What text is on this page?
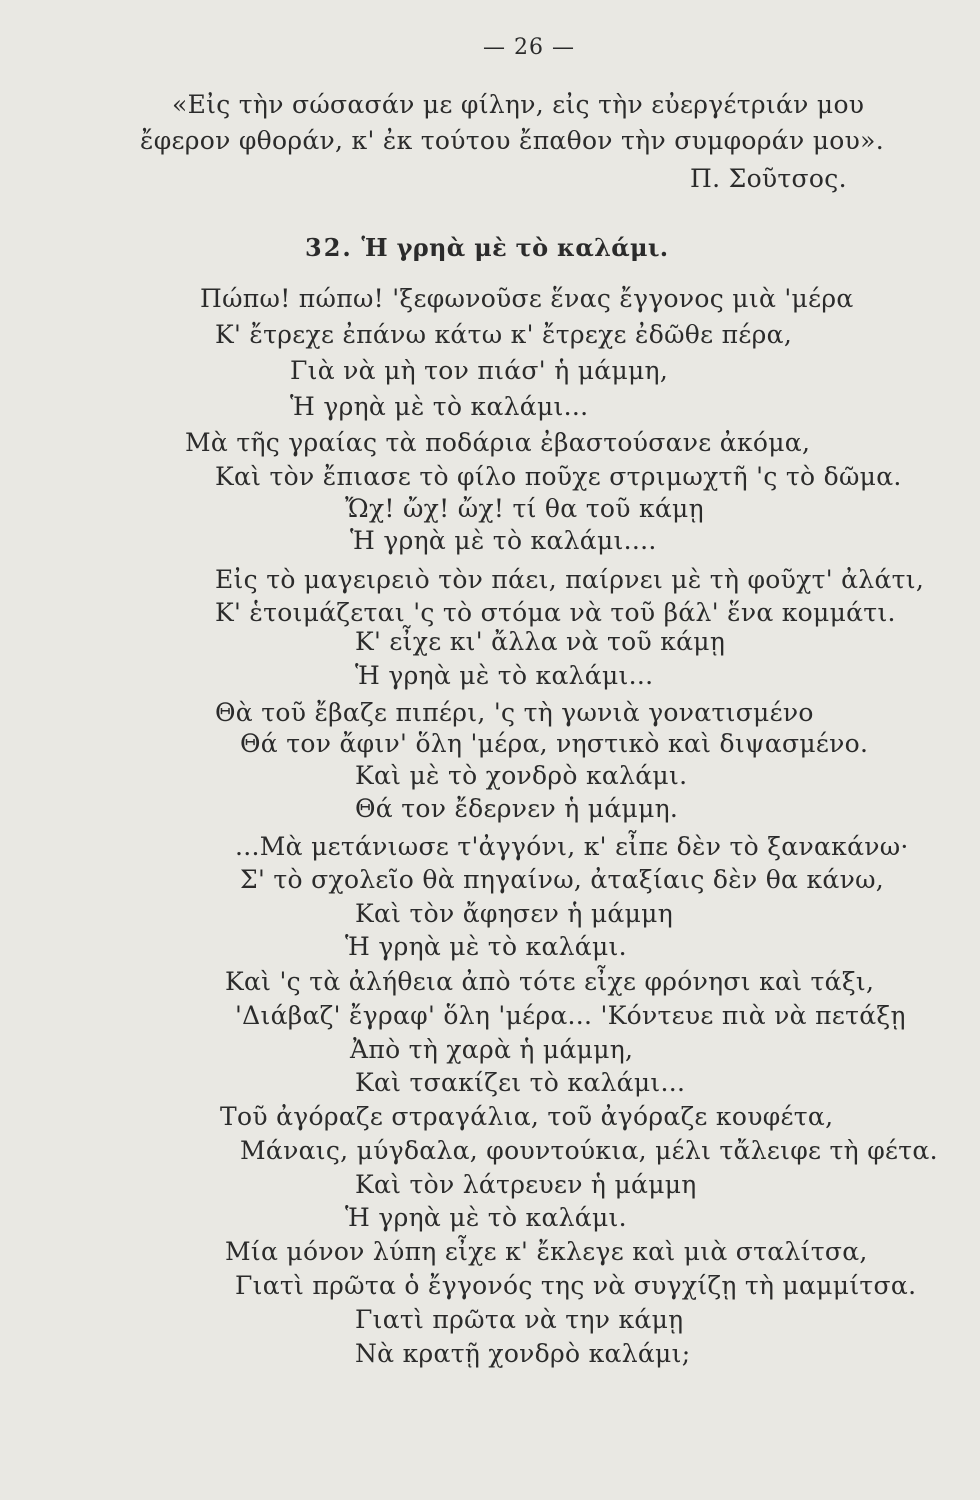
— 26 —
«Εἰς τὴν σώσασάν με φίλην, εἰς τὴν εὐεργέτριάν μου
ἔφερον φθοράν, κ' ἐκ τούτου ἔπαθον τὴν συμφοράν μου».
Π. Σοῦτσος.
32. Ἡ γρηὰ μὲ τὸ καλάμι.
Πώπω! πώπω! 'ξεφωνοῦσε ἕνας ἔγγονος μιὰ 'μέρα
Κ' ἔτρεχε ἐπάνω κάτω κ' ἔτρεχε ἐδῶθε πέρα,
Γιὰ νὰ μὴ τον πιάσ' ἡ μάμμη,
Ἡ γρηὰ μὲ τὸ καλάμι...
Μὰ τῆς γραίας τὰ ποδάρια ἐβαστούσανε ἀκόμα,
Καὶ τὸν ἔπιασε τὸ φίλο ποῦχε στριμωχτῆ 'ς τὸ δῶμα.
Ὤχ! ὤχ! ὤχ! τί θα τοῦ κάμῃ
Ἡ γρηὰ μὲ τὸ καλάμι....
Εἰς τὸ μαγειρειὸ τὸν πάει, παίρνει μὲ τὴ φοῦχτ' ἀλάτι,
Κ' ἑτοιμάζεται 'ς τὸ στόμα νὰ τοῦ βάλ' ἕνα κομμάτι.
Κ' εἶχε κι' ἄλλα νὰ τοῦ κάμῃ
Ἡ γρηὰ μὲ τὸ καλάμι...
Θὰ τοῦ ἔβαζε πιπέρι, 'ς τὴ γωνιὰ γονατισμένο
Θά τον ἄφιν' ὅλη 'μέρα, νηστικὸ καὶ διψασμένο.
Καὶ μὲ τὸ χονδρὸ καλάμι.
Θά τον ἔδερνεν ἡ μάμμη.
...Μὰ μετάνιωσε τ'ἀγγόνι, κ' εἶπε δὲν τὸ ξανακάνω·
Σ' τὸ σχολεῖο θὰ πηγαίνω, ἀταξίαις δὲν θα κάνω,
Καὶ τὸν ἄφησεν ἡ μάμμη
Ἡ γρηὰ μὲ τὸ καλάμι.
Καὶ 'ς τὰ ἀλήθεια ἀπὸ τότε εἶχε φρόνησι καὶ τάξι,
'Διάβαζ' ἔγραφ' ὅλη 'μέρα... 'Κόντευε πιὰ νὰ πετάξῃ
Ἀπὸ τὴ χαρὰ ἡ μάμμη,
Καὶ τσακίζει τὸ καλάμι...
Τοῦ ἀγόραζε στραγάλια, τοῦ ἀγόραζε κουφέτα,
Μάναις, μύγδαλα, φουντούκια, μέλι τἄλειφε τὴ φέτα.
Καὶ τὸν λάτρευεν ἡ μάμμη
Ἡ γρηὰ μὲ τὸ καλάμι.
Μία μόνον λύπη εἶχε κ' ἔκλεγε καὶ μιὰ σταλίτσα,
Γιατὶ πρῶτα ὁ ἔγγονός της νὰ συγχίζῃ τὴ μαμμίτσα.
Γιατὶ πρῶτα νὰ την κάμῃ
Νὰ κρατῇ χονδρὸ καλάμι;
